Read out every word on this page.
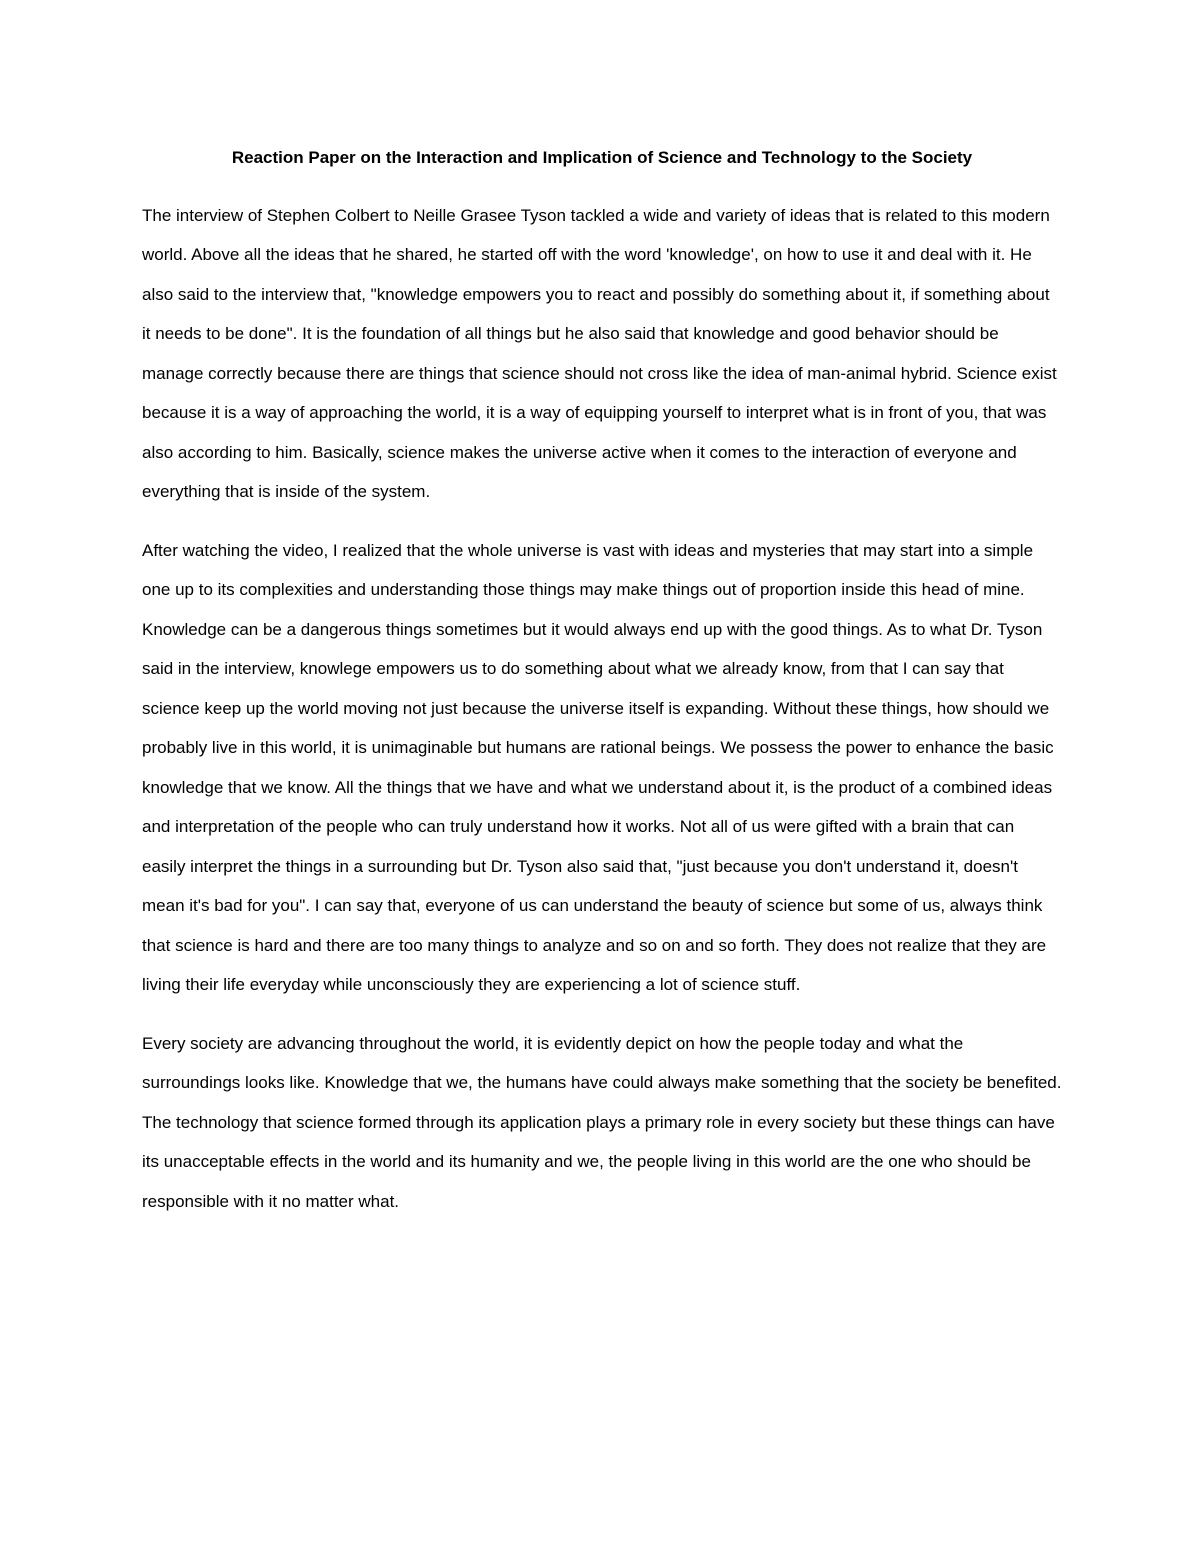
Reaction Paper on the Interaction and Implication of Science and Technology to the Society

The interview of Stephen Colbert to Neille Grasee Tyson tackled a wide and variety of ideas that is related to this modern world. Above all the ideas that he shared, he started off with the word 'knowledge', on how to use it and deal with it. He also said to the interview that, "knowledge empowers you to react and possibly do something about it, if something about it needs to be done". It is the foundation of all things but he also said that knowledge and good behavior should be manage correctly because there are things that science should not cross like the idea of man-animal hybrid. Science exist because it is a way of approaching the world, it is a way of equipping yourself to interpret what is in front of you, that was also according to him. Basically, science makes the universe active when it comes to the interaction of everyone and everything that is inside of the system.

After watching the video, I realized that the whole universe is vast with ideas and mysteries that may start into a simple one up to its complexities and understanding those things may make things out of proportion inside this head of mine. Knowledge can be a dangerous things sometimes but it would always end up with the good things. As to what Dr. Tyson said in the interview, knowlege empowers us to do something about what we already know, from that I can say that science keep up the world moving not just because the universe itself is expanding. Without these things, how should we probably live in this world, it is unimaginable but humans are rational beings. We possess the power to enhance the basic knowledge that we know. All the things that we have and what we understand about it, is the product of a combined ideas and interpretation of the people who can truly understand how it works. Not all of us were gifted with a brain that can easily interpret the things in a surrounding but Dr. Tyson also said that, "just because you don't understand it, doesn't mean it's bad for you". I can say that, everyone of us can understand the beauty of science but some of us, always think that science is hard and there are too many things to analyze and so on and so forth. They does not realize that they are living their life everyday while unconsciously they are experiencing a lot of science stuff.

Every society are advancing throughout the world, it is evidently depict on how the people today and what the surroundings looks like. Knowledge that we, the humans have could always make something that the society be benefited. The technology that science formed through its application plays a primary role in every society but these things can have its unacceptable effects in the world and its humanity and we, the people living in this world are the one who should be responsible with it no matter what.
